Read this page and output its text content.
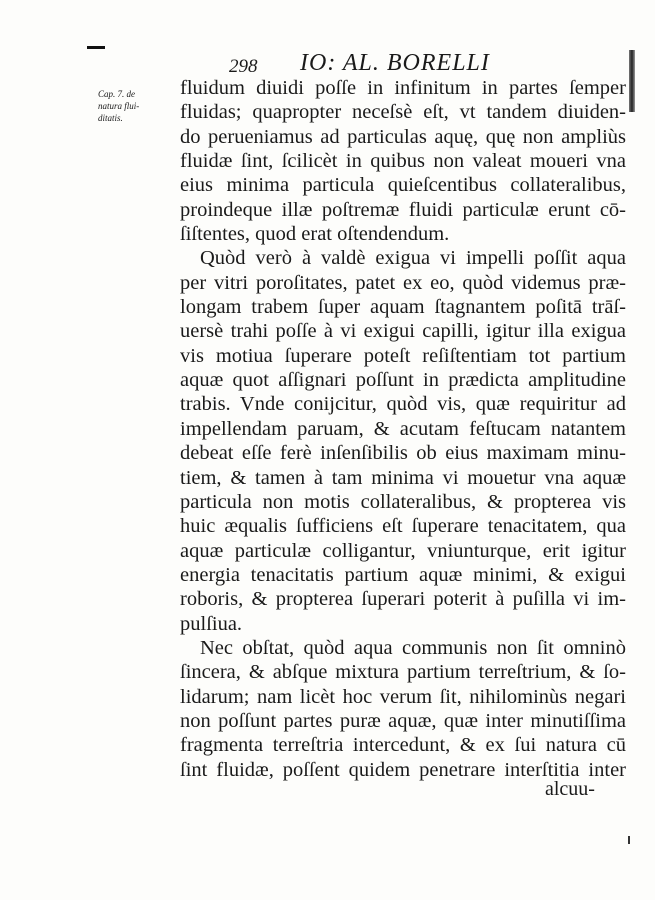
298 IO: AL. BORELLI
Cap. 7. de
natura flui-
ditatis.
fluidum diuidi poſſe in infinitum in partes ſemper
fluidas; quapropter neceſsè eſt, vt tandem diuiden-
do perueniamus ad particulas aquę, quę non ampliùs
fluidæ ſint, ſcilicèt in quibus non valeat moueri vna
eius minima particula quieſcentibus collateralibus,
proindeque illæ poſtremæ fluidi particulæ erunt cō-
ſiſtentes, quod erat oſtendendum.
Quòd verò à valdè exigua vi impelli poſſit aqua
per vitri poroſitates, patet ex eo, quòd videmus præ-
longam trabem ſuper aquam ſtagnantem poſitā trāſ-
uersè trahi poſſe à vi exigui capilli, igitur illa exigua
vis motiua ſuperare poteſt reſiſtentiam tot partium
aquæ quot aſſignari poſſunt in prædicta amplitudine
trabis. Vnde conijcitur, quòd vis, quæ requiritur ad
impellendam paruam, & acutam feſtucam natantem
debeat eſſe ferè inſenſibilis ob eius maximam minu-
tiem, & tamen à tam minima vi mouetur vna aquæ
particula non motis collateralibus, & propterea vis
huic æqualis ſufficiens eſt ſuperare tenacitatem, qua
aquæ particulæ colligantur, vniunturque, erit igitur
energia tenacitatis partium aquæ minimi, & exigui
roboris, & propterea ſuperari poterit à puſilla vi im-
pulſiua.
Nec obſtat, quòd aqua communis non ſit omninò
ſincera, & abſque mixtura partium terreſtrium, & ſo-
lidarum; nam licèt hoc verum ſit, nihilominùs negari
non poſſunt partes puræ aquæ, quæ inter minutiſſima
fragmenta terreſtria intercedunt, & ex ſui natura cū
ſint fluidæ, poſſent quidem penetrare interſtitia inter
alcuu-
